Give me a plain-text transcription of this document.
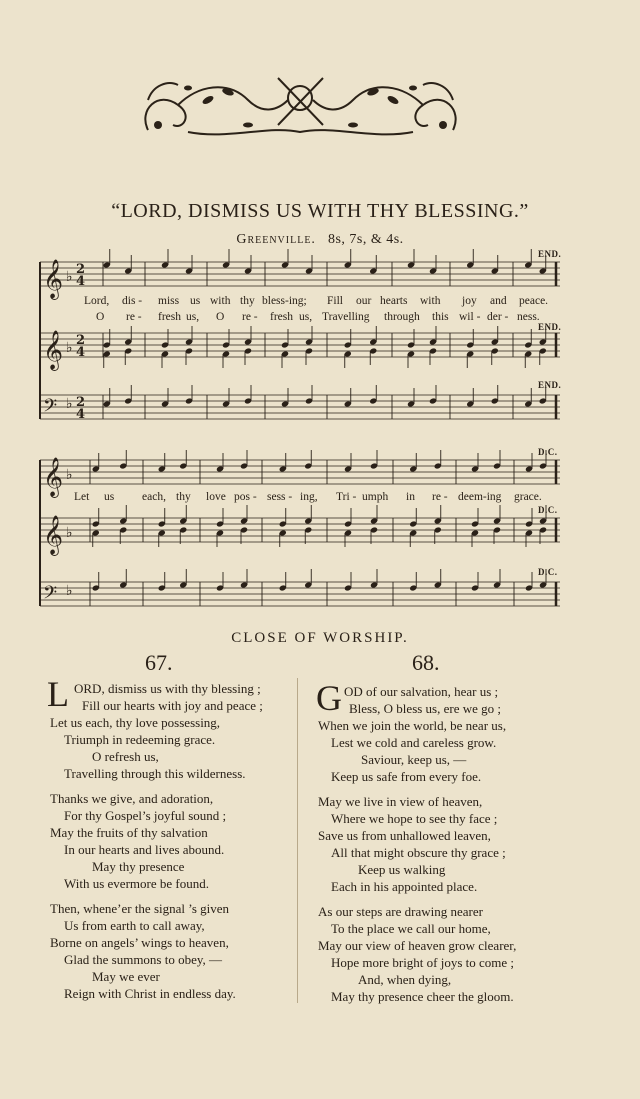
“LORD, DISMISS US WITH THY BLESSING.”
Greenville. 8s, 7s, & 4s.
𝄞 ♭ 2
4
𝄞 ♭ 2
4
𝄢 ♭ 2
4
𝄞 ♭
𝄞 ♭
𝄢 ♭
END.
END.
END.
D.C.
D.C.
D.C.
Lord, dis - miss us with thy bless-ing; Fill our hearts with joy and peace.
O re - fresh us, O re - fresh us, Travelling through this wil - der - ness.
Let us each, thy love pos - sess - ing, Tri - umph in re - deem-ing grace.
CLOSE OF WORSHIP.
67.
L ORD, dismiss us with thy blessing ;
Fill our hearts with joy and peace ;
Let us each, thy love possessing,
Triumph in redeeming grace.
O refresh us,
Travelling through this wilderness.
Thanks we give, and adoration,
For thy Gospel’s joyful sound ;
May the fruits of thy salvation
In our hearts and lives abound.
May thy presence
With us evermore be found.
Then, whene’er the signal ’s given
Us from earth to call away,
Borne on angels’ wings to heaven,
Glad the summons to obey, —
May we ever
Reign with Christ in endless day.
68.
G OD of our salvation, hear us ;
Bless, O bless us, ere we go ;
When we join the world, be near us,
Lest we cold and careless grow.
Saviour, keep us, —
Keep us safe from every foe.
May we live in view of heaven,
Where we hope to see thy face ;
Save us from unhallowed leaven,
All that might obscure thy grace ;
Keep us walking
Each in his appointed place.
As our steps are drawing nearer
To the place we call our home,
May our view of heaven grow clearer,
Hope more bright of joys to come ;
And, when dying,
May thy presence cheer the gloom.
